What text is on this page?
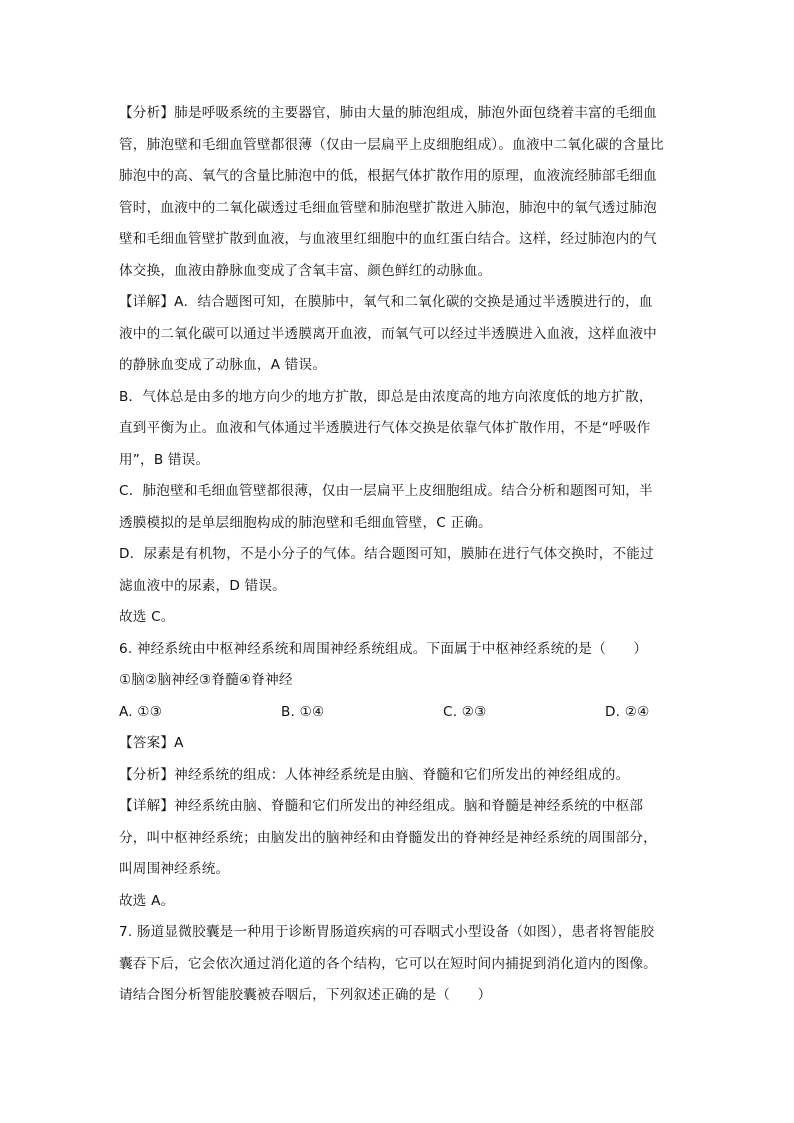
【分析】肺是呼吸系统的主要器官，肺由大量的肺泡组成，肺泡外面包绕着丰富的毛细血
管，肺泡壁和毛细血管壁都很薄（仅由一层扁平上皮细胞组成）。血液中二氧化碳的含量比
肺泡中的高、氧气的含量比肺泡中的低，根据气体扩散作用的原理，血液流经肺部毛细血
管时，血液中的二氧化碳透过毛细血管壁和肺泡壁扩散进入肺泡，肺泡中的氧气透过肺泡
壁和毛细血管壁扩散到血液，与血液里红细胞中的血红蛋白结合。这样，经过肺泡内的气
体交换，血液由静脉血变成了含氧丰富、颜色鲜红的动脉血。
【详解】A．结合题图可知，在膜肺中，氧气和二氧化碳的交换是通过半透膜进行的，血
液中的二氧化碳可以通过半透膜离开血液，而氧气可以经过半透膜进入血液，这样血液中
的静脉血变成了动脉血，A 错误。
B．气体总是由多的地方向少的地方扩散，即总是由浓度高的地方向浓度低的地方扩散，
直到平衡为止。血液和气体通过半透膜进行气体交换是依靠气体扩散作用，不是“呼吸作
用”，B 错误。
C．肺泡壁和毛细血管壁都很薄，仅由一层扁平上皮细胞组成。结合分析和题图可知，半
透膜模拟的是单层细胞构成的肺泡壁和毛细血管壁，C 正确。
D．尿素是有机物，不是小分子的气体。结合题图可知，膜肺在进行气体交换时，不能过
滤血液中的尿素，D 错误。
故选 C。
6. 神经系统由中枢神经系统和周围神经系统组成。下面属于中枢神经系统的是（　　）
①脑②脑神经③脊髓④脊神经
A. ①③	B. ①④	C. ②③	D. ②④
【答案】A
【分析】神经系统的组成：人体神经系统是由脑、脊髓和它们所发出的神经组成的。
【详解】神经系统由脑、脊髓和它们所发出的神经组成。脑和脊髓是神经系统的中枢部
分，叫中枢神经系统；由脑发出的脑神经和由脊髓发出的脊神经是神经系统的周围部分，
叫周围神经系统。
故选 A。
7. 肠道显微胶囊是一种用于诊断胃肠道疾病的可吞咽式小型设备（如图），患者将智能胶
囊吞下后，它会依次通过消化道的各个结构，它可以在短时间内捕捉到消化道内的图像。
请结合图分析智能胶囊被吞咽后，下列叙述正确的是（　　）
